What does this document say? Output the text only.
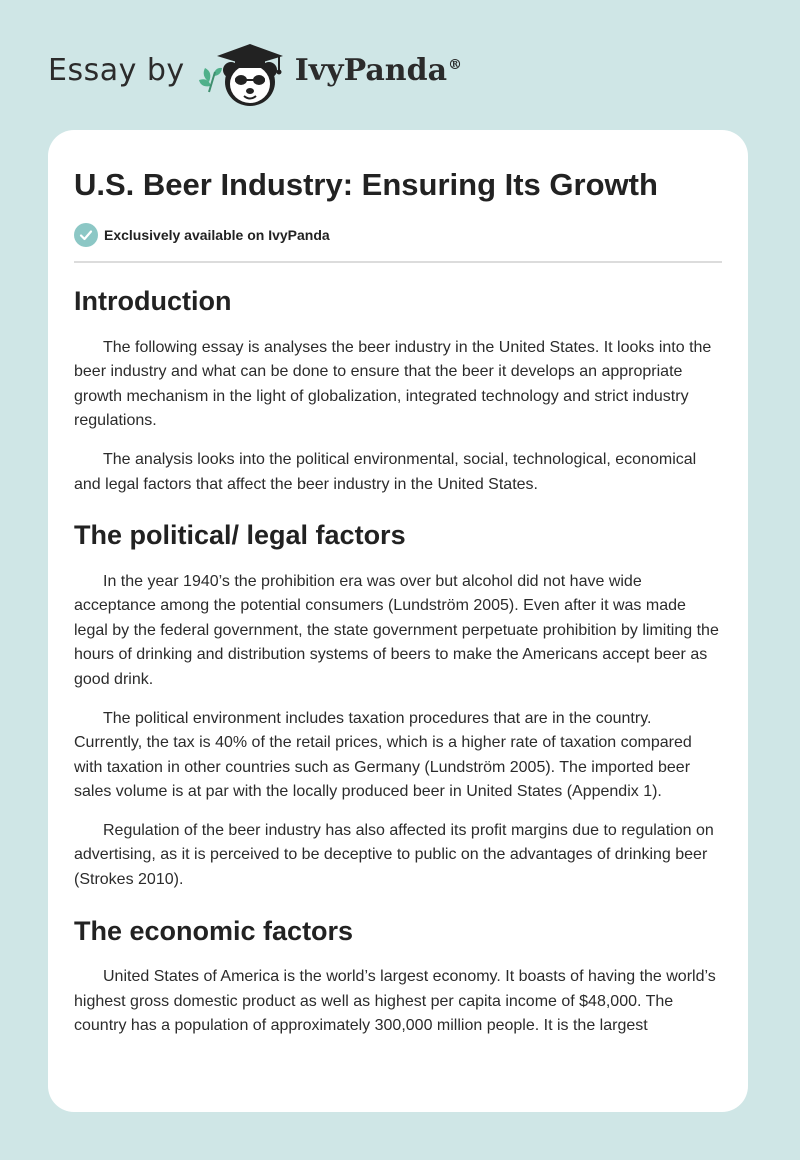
Essay by	IvyPanda®
U.S. Beer Industry: Ensuring Its Growth
Exclusively available on IvyPanda
Introduction

The following essay is analyses the beer industry in the United States. It looks into the beer industry and what can be done to ensure that the beer it develops an appropriate growth mechanism in the light of globalization, integrated technology and strict industry regulations.

The analysis looks into the political environmental, social, technological, economical and legal factors that affect the beer industry in the United States.

The political/ legal factors

In the year 1940’s the prohibition era was over but alcohol did not have wide acceptance among the potential consumers (Lundström 2005). Even after it was made legal by the federal government, the state government perpetuate prohibition by limiting the hours of drinking and distribution systems of beers to make the Americans accept beer as good drink.

The political environment includes taxation procedures that are in the country. Currently, the tax is 40% of the retail prices, which is a higher rate of taxation compared with taxation in other countries such as Germany (Lundström 2005). The imported beer sales volume is at par with the locally produced beer in United States (Appendix 1).

Regulation of the beer industry has also affected its profit margins due to regulation on advertising, as it is perceived to be deceptive to public on the advantages of drinking beer (Strokes 2010).

The economic factors

United States of America is the world’s largest economy. It boasts of having the world’s highest gross domestic product as well as highest per capita income of $48,000. The country has a population of approximately 300,000 million people. It is the largest
